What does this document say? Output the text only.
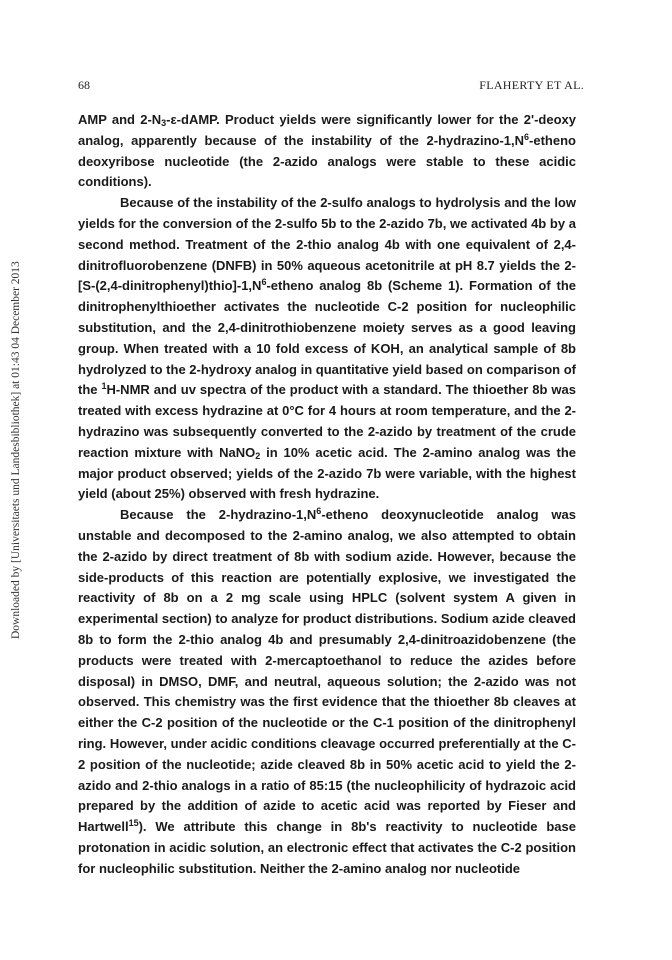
Downloaded by [Universitaets und Landesbibliothek] at 01:43 04 December 2013
68	FLAHERTY ET AL.

AMP and $2-N_3-\varepsilon$-dAMP. Product yields were significantly lower for the 2'-deoxy analog, apparently because of the instability of the $2-hydrazino-1,N^6$-etheno deoxyribose nucleotide (the 2-azido analogs were stable to these acidic conditions).

Because of the instability of the 2-sulfo analogs to hydrolysis and the low yields for the conversion of the 2-sulfo 5b to the 2-azido 7b, we activated 4b by a second method. Treatment of the 2-thio analog 4b with one equivalent of 2,4-dinitrofluorobenzene (DNFB) in 50% aqueous acetonitrile at pH 8.7 yields the $2-[S-(2,4-dinitrophenyl)thio]-1,N^6$-etheno analog 8b (Scheme 1). Formation of the dinitrophenylthioether activates the nucleotide C-2 position for nucleophilic substitution, and the 2,4-dinitrothiobenzene moiety serves as a good leaving group. When treated with a 10 fold excess of KOH, an analytical sample of 8b hydrolyzed to the 2-hydroxy analog in quantitative yield based on comparison of the $^1$H-NMR and uv spectra of the product with a standard. The thioether 8b was treated with excess hydrazine at 0°C for 4 hours at room temperature, and the 2-hydrazino was subsequently converted to the 2-azido by treatment of the crude reaction mixture with NaNO$_2$ in 10% acetic acid. The 2-amino analog was the major product observed; yields of the 2-azido 7b were variable, with the highest yield (about 25%) observed with fresh hydrazine.

Because the $2-hydrazino-1,N^6$-etheno deoxynucleotide analog was unstable and decomposed to the 2-amino analog, we also attempted to obtain the 2-azido by direct treatment of 8b with sodium azide. However, because the side-products of this reaction are potentially explosive, we investigated the reactivity of 8b on a 2 mg scale using HPLC (solvent system A given in experimental section) to analyze for product distributions. Sodium azide cleaved 8b to form the 2-thio analog 4b and presumably 2,4-dinitroazidobenzene (the products were treated with 2-mercaptoethanol to reduce the azides before disposal) in DMSO, DMF, and neutral, aqueous solution; the 2-azido was not observed. This chemistry was the first evidence that the thioether 8b cleaves at either the C-2 position of the nucleotide or the C-1 position of the dinitrophenyl ring. However, under acidic conditions cleavage occurred preferentially at the C-2 position of the nucleotide; azide cleaved 8b in 50% acetic acid to yield the 2-azido and 2-thio analogs in a ratio of 85:15 (the nucleophilicity of hydrazoic acid prepared by the addition of azide to acetic acid was reported by Fieser and Hartwell$^{15}$). We attribute this change in 8b's reactivity to nucleotide base protonation in acidic solution, an electronic effect that activates the C-2 position for nucleophilic substitution. Neither the 2-amino analog nor nucleotide
